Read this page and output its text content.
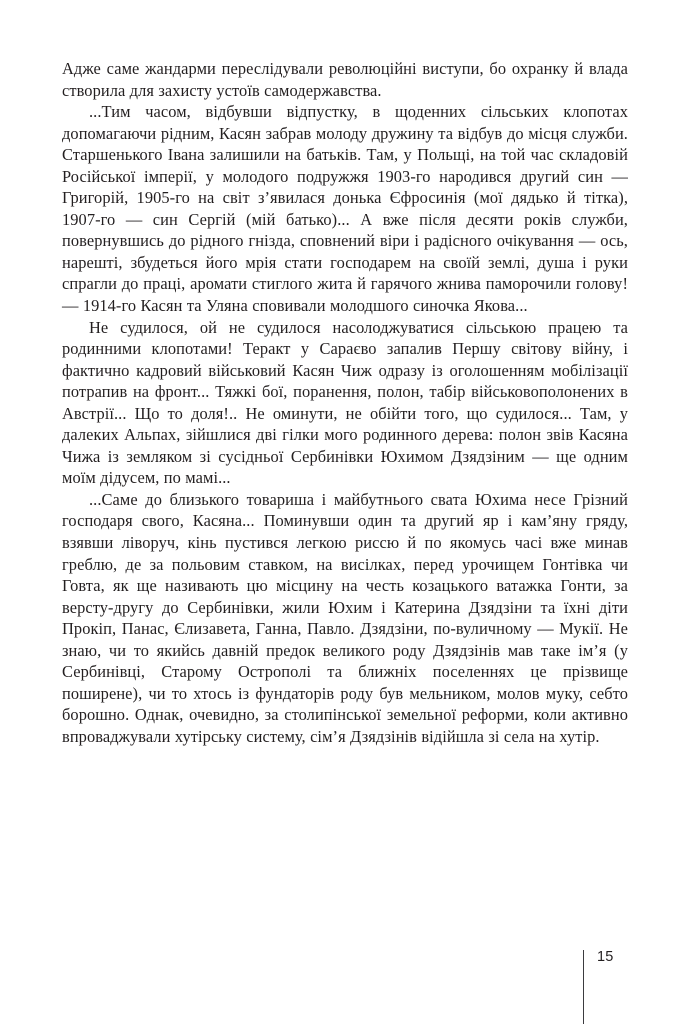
Адже саме жандарми переслідували революційні виступи, бо охранку й влада створила для захисту устоїв самодержавства.

...Тим часом, відбувши відпустку, в щоденних сільських клопотах допомагаючи рідним, Касян забрав молоду дружину та відбув до місця служби. Старшенького Івана залишили на батьків. Там, у Польщі, на той час складовій Російської імперії, у молодого подружжя 1903-го народився другий син — Григорій, 1905-го на світ з’явилася донька Єфросинія (мої дядько й тітка), 1907-го — син Сергій (мій батько)... А вже після десяти років служби, повернувшись до рідного гнізда, сповнений віри і радісного очікування — ось, нарешті, збудеться його мрія стати господарем на своїй землі, душа і руки спрагли до праці, аромати стиглого жита й гарячого жнива паморочили голову! — 1914-го Касян та Уляна сповивали молодшого синочка Якова...

Не судилося, ой не судилося насолоджуватися сільською працею та родинними клопотами! Теракт у Сараєво запалив Першу світову війну, і фактично кадровий військовий Касян Чиж одразу із оголошенням мобілізації потрапив на фронт... Тяжкі бої, поранення, полон, табір військовополонених в Австрії... Що то доля!.. Не оминути, не обійти того, що судилося... Там, у далеких Альпах, зійшлися дві гілки мого родинного дерева: полон звів Касяна Чижа із земляком зі сусідньої Сербинівки Юхимом Дзядзіним — ще одним моїм дідусем, по мамі...

...Саме до близького товариша і майбутнього свата Юхима несе Грізний господаря свого, Касяна... Поминувши один та другий яр і кам’яну гряду, взявши ліворуч, кінь пустився легкою риссю й по якомусь часі вже минав греблю, де за польовим ставком, на висілках, перед урочищем Гонтівка чи Говта, як ще називають цю місцину на честь козацького ватажка Гонти, за версту-другу до Сербинівки, жили Юхим і Катерина Дзядзіни та їхні діти Прокіп, Панас, Єлизавета, Ганна, Павло. Дзядзіни, по-вуличному — Мукії. Не знаю, чи то якийсь давній предок великого роду Дзядзінів мав таке ім’я (у Сербинівці, Старому Острополі та ближніх поселеннях це прізвище поширене), чи то хтось із фундаторів роду був мельником, молов муку, себто борошно. Однак, очевидно, за столипінської земельної реформи, коли активно впроваджували хутірську систему, сім’я Дзядзінів відійшла зі села на хутір.

15
